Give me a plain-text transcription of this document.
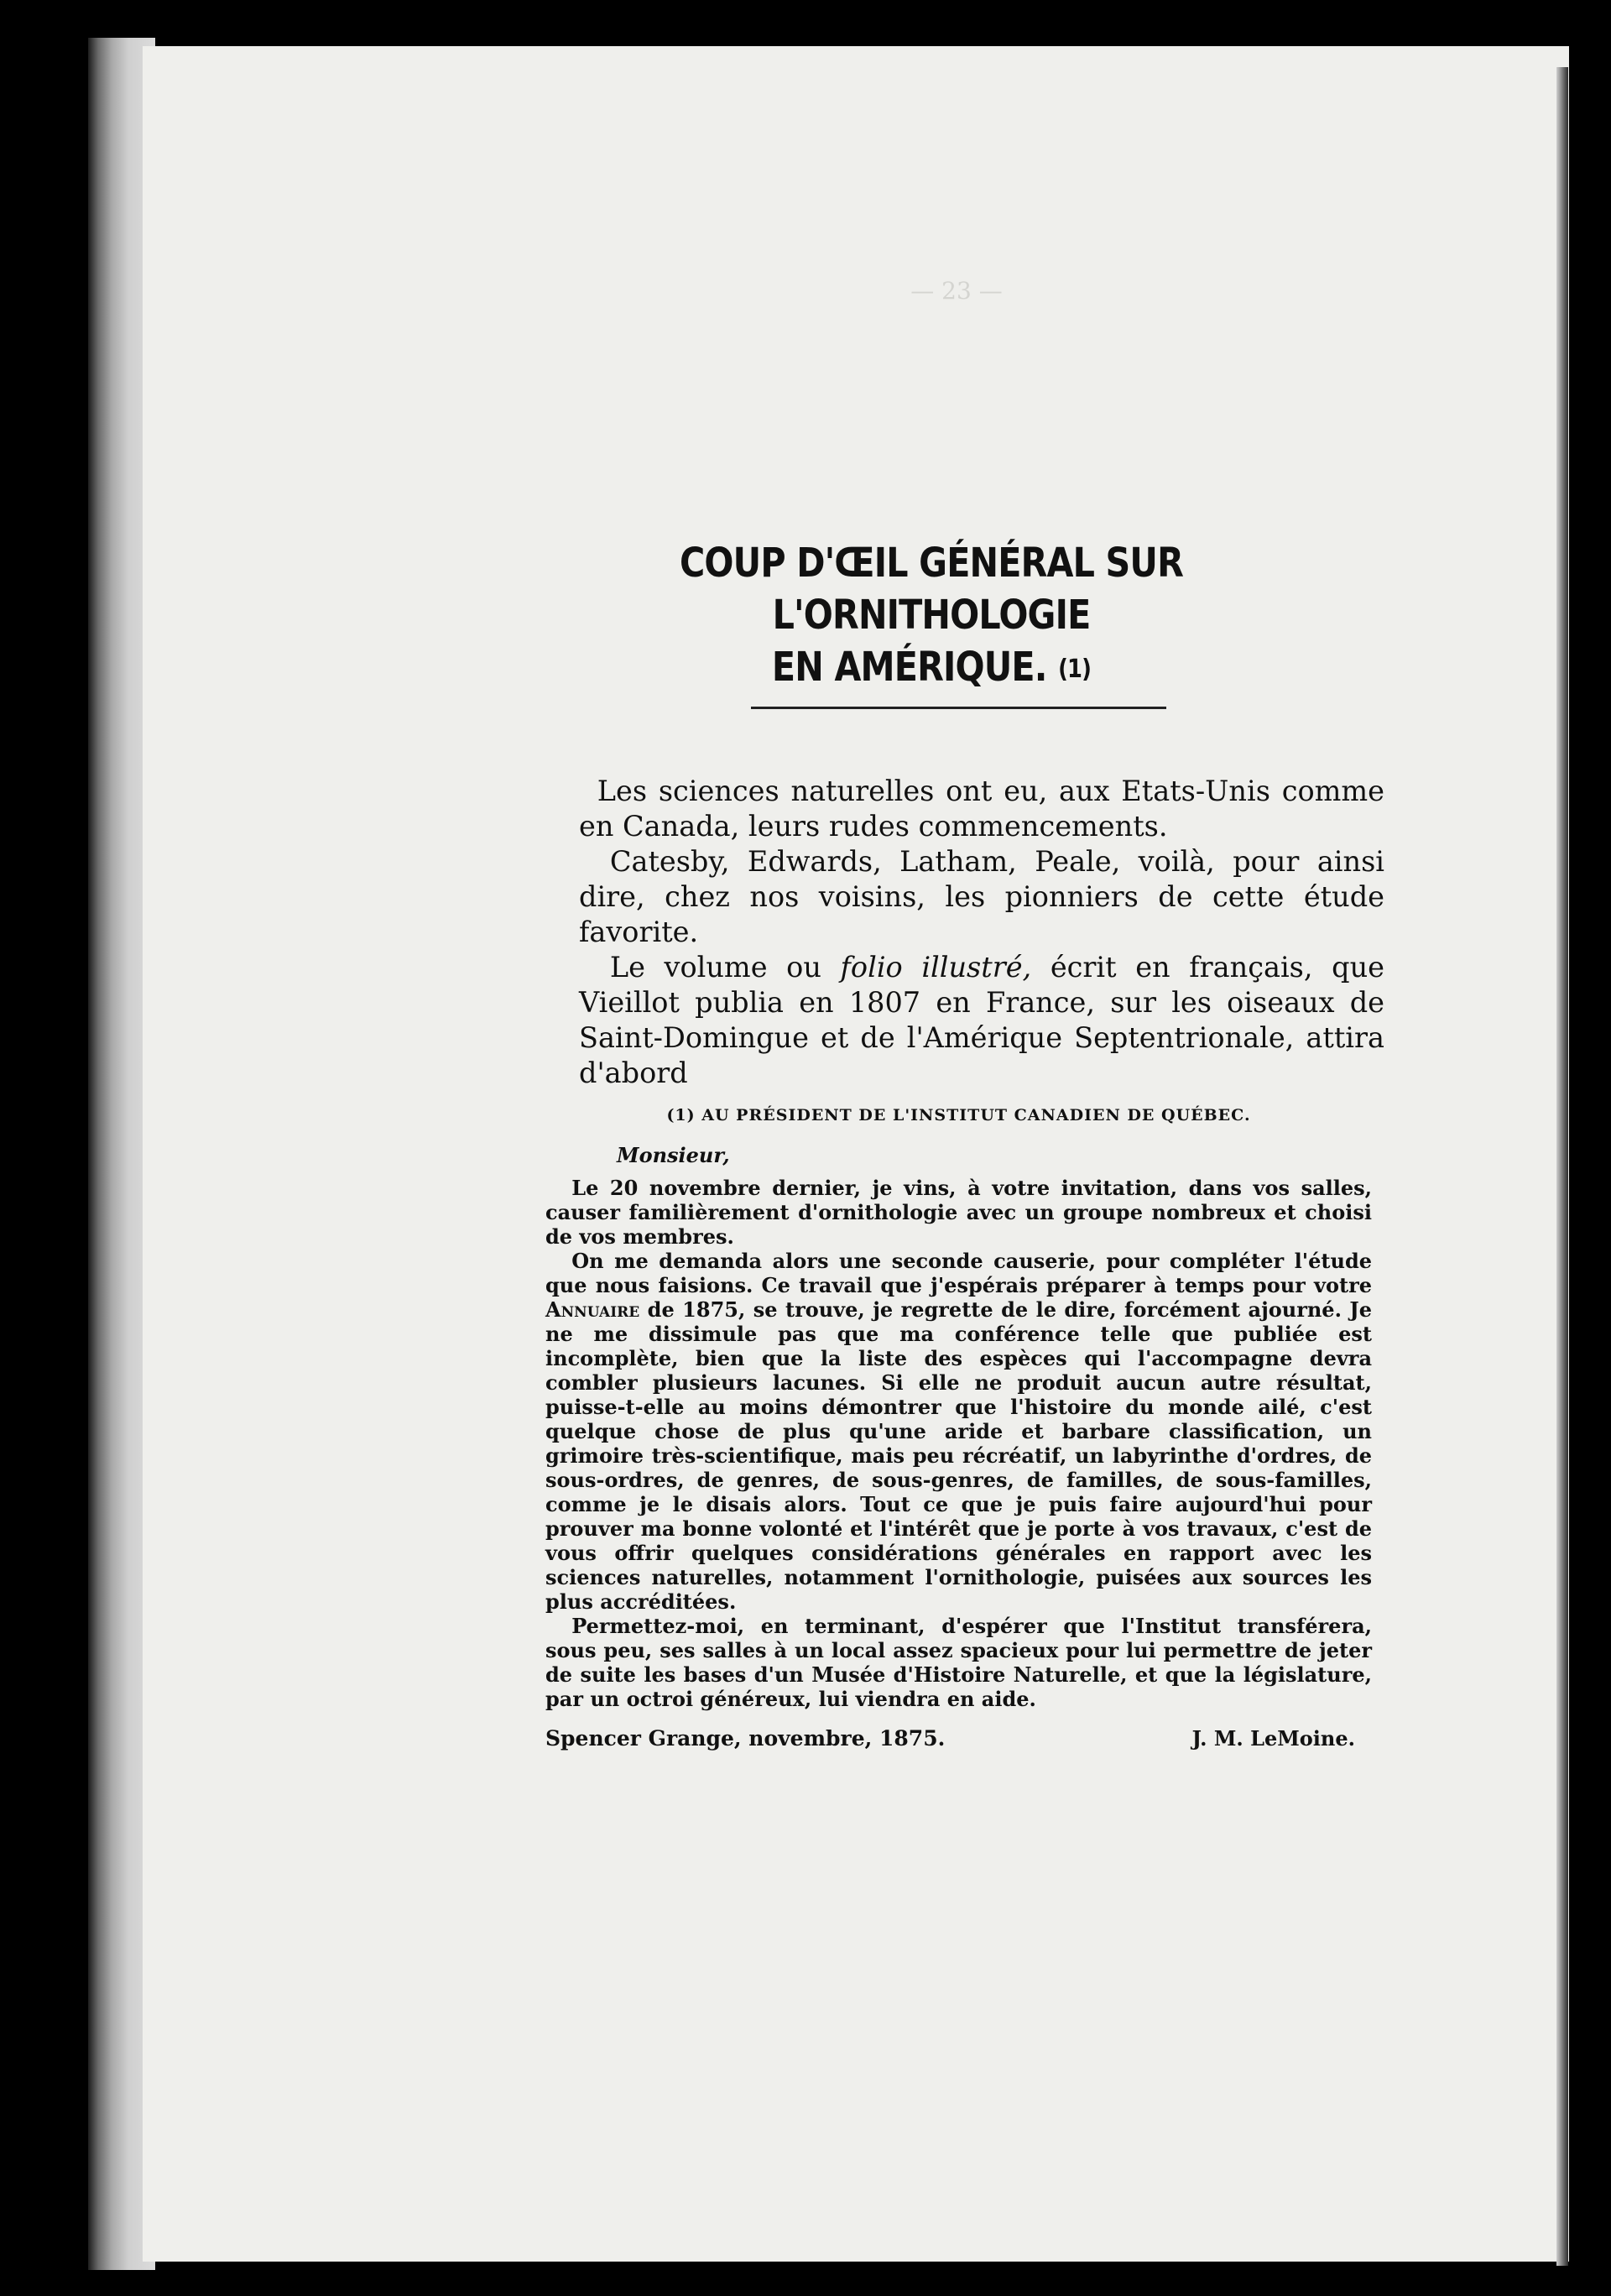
— 23 —
COUP D'ŒIL GÉNÉRAL SUR L'ORNITHOLOGIE
EN AMÉRIQUE. (1)

Les sciences naturelles ont eu, aux Etats-Unis comme en Canada, leurs rudes commencements.

Catesby, Edwards, Latham, Peale, voilà, pour ainsi dire, chez nos voisins, les pionniers de cette étude favorite.

Le volume ou folio illustré, écrit en français, que Vieillot publia en 1807 en France, sur les oiseaux de Saint-Domingue et de l'Amérique Septentrionale, attira d'abord

(1) AU PRÉSIDENT DE L'INSTITUT CANADIEN DE QUÉBEC.
Monsieur,

Le 20 novembre dernier, je vins, à votre invitation, dans vos salles, causer familièrement d'ornithologie avec un groupe nombreux et choisi de vos membres.

On me demanda alors une seconde causerie, pour compléter l'étude que nous faisions. Ce travail que j'espérais préparer à temps pour votre Annuaire de 1875, se trouve, je regrette de le dire, forcément ajourné. Je ne me dissimule pas que ma conférence telle que publiée est incomplète, bien que la liste des espèces qui l'accompagne devra combler plusieurs lacunes. Si elle ne produit aucun autre résultat, puisse-t-elle au moins démontrer que l'histoire du monde ailé, c'est quelque chose de plus qu'une aride et barbare classification, un grimoire très-scientifique, mais peu récréatif, un labyrinthe d'ordres, de sous-ordres, de genres, de sous-genres, de familles, de sous-familles, comme je le disais alors. Tout ce que je puis faire aujourd'hui pour prouver ma bonne volonté et l'intérêt que je porte à vos travaux, c'est de vous offrir quelques considérations générales en rapport avec les sciences naturelles, notamment l'ornithologie, puisées aux sources les plus accréditées.

Permettez-moi, en terminant, d'espérer que l'Institut transférera, sous peu, ses salles à un local assez spacieux pour lui permettre de jeter de suite les bases d'un Musée d'Histoire Naturelle, et que la législature, par un octroi généreux, lui viendra en aide.

Spencer Grange, novembre, 1875.	J. M. LeMoine.
